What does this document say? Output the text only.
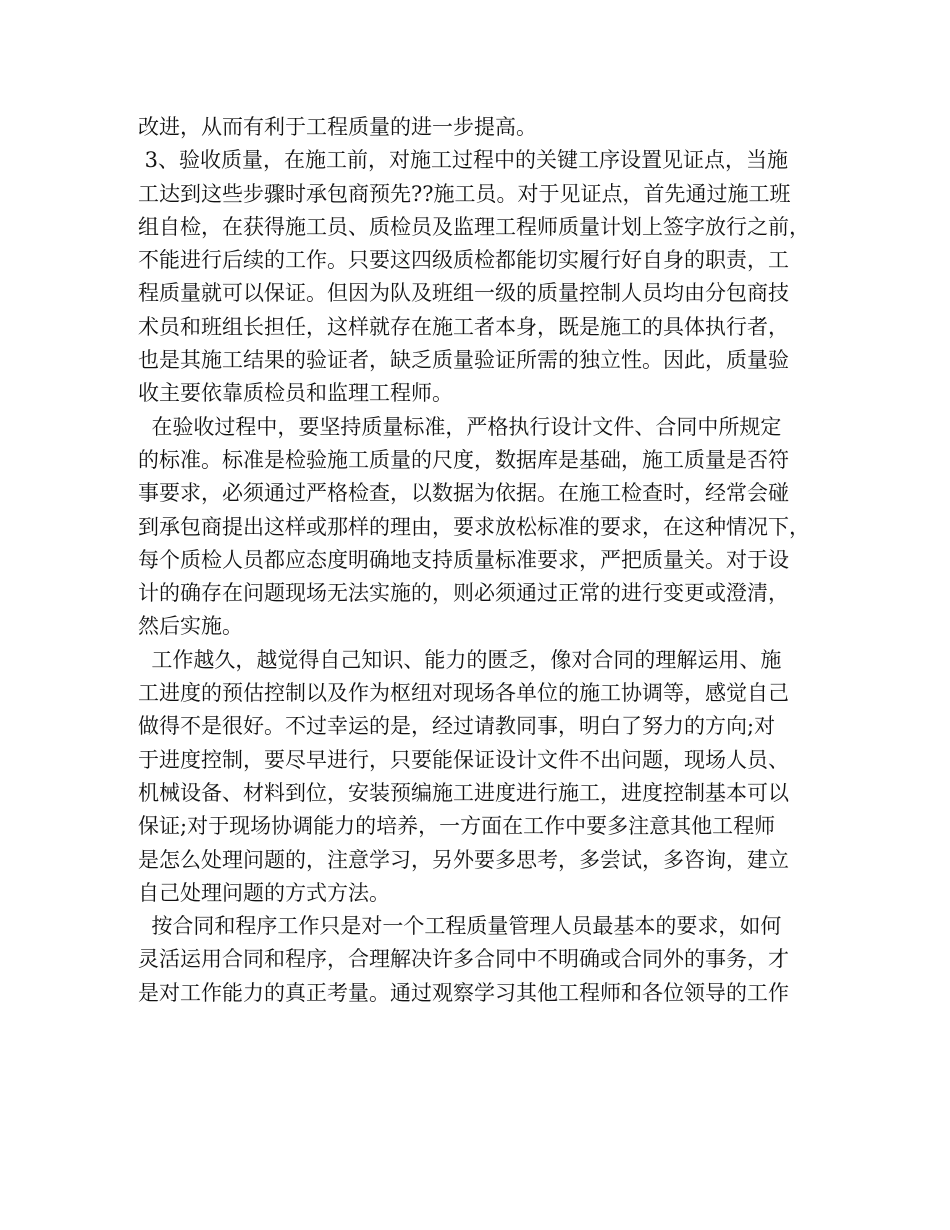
改进，从而有利于工程质量的进一步提高。
3、验收质量，在施工前，对施工过程中的关键工序设置见证点，当施
工达到这些步骤时承包商预先??施工员。对于见证点，首先通过施工班
组自检，在获得施工员、质检员及监理工程师质量计划上签字放行之前，
不能进行后续的工作。只要这四级质检都能切实履行好自身的职责，工
程质量就可以保证。但因为队及班组一级的质量控制人员均由分包商技
术员和班组长担任，这样就存在施工者本身，既是施工的具体执行者，
也是其施工结果的验证者，缺乏质量验证所需的独立性。因此，质量验
收主要依靠质检员和监理工程师。
在验收过程中，要坚持质量标准，严格执行设计文件、合同中所规定
的标准。标准是检验施工质量的尺度，数据库是基础，施工质量是否符
事要求，必须通过严格检查，以数据为依据。在施工检查时，经常会碰
到承包商提出这样或那样的理由，要求放松标准的要求，在这种情况下，
每个质检人员都应态度明确地支持质量标准要求，严把质量关。对于设
计的确存在问题现场无法实施的，则必须通过正常的进行变更或澄清，
然后实施。
工作越久，越觉得自己知识、能力的匮乏，像对合同的理解运用、施
工进度的预估控制以及作为枢纽对现场各单位的施工协调等，感觉自己
做得不是很好。不过幸运的是，经过请教同事，明白了努力的方向;对
于进度控制，要尽早进行，只要能保证设计文件不出问题，现场人员、
机械设备、材料到位，安装预编施工进度进行施工，进度控制基本可以
保证;对于现场协调能力的培养，一方面在工作中要多注意其他工程师
是怎么处理问题的，注意学习，另外要多思考，多尝试，多咨询，建立
自己处理问题的方式方法。
按合同和程序工作只是对一个工程质量管理人员最基本的要求，如何
灵活运用合同和程序，合理解决许多合同中不明确或合同外的事务，才
是对工作能力的真正考量。通过观察学习其他工程师和各位领导的工作
